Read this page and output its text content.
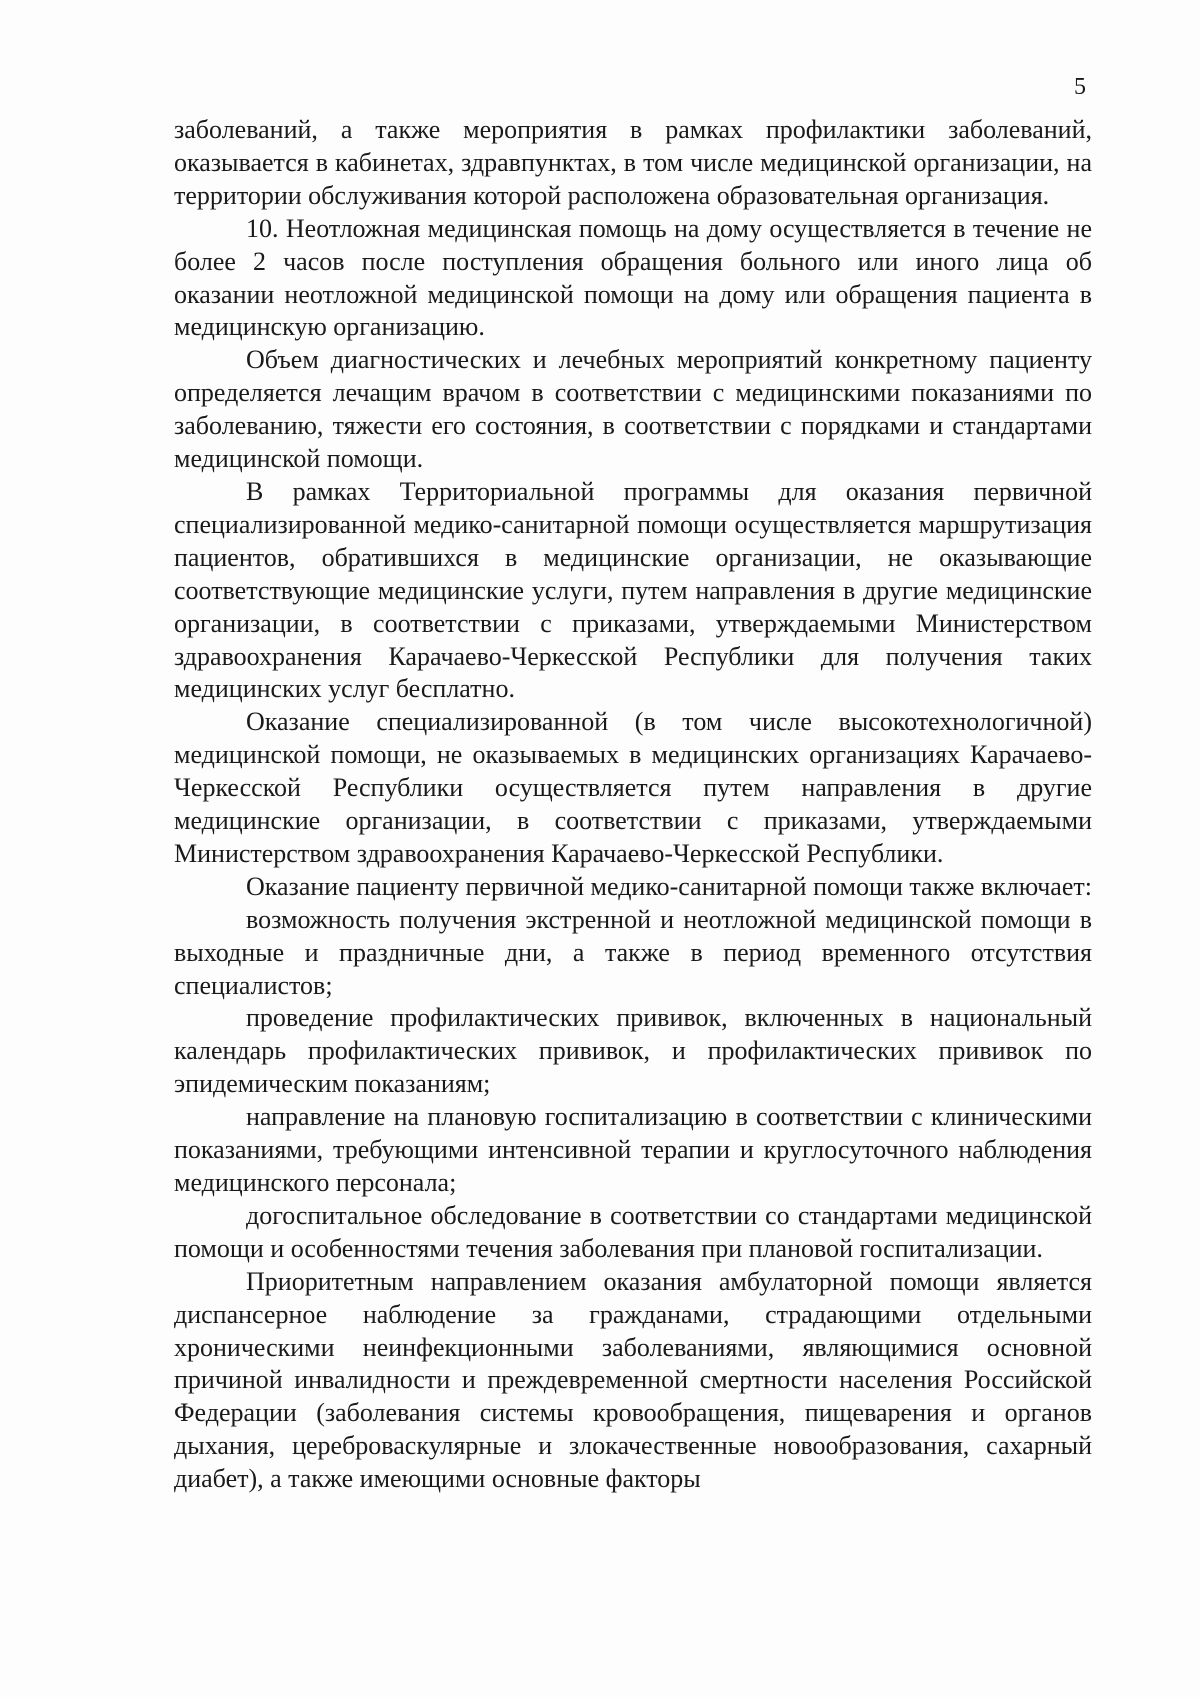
5

заболеваний, а также мероприятия в рамках профилактики заболеваний, оказывается в кабинетах, здравпунктах, в том числе медицинской организации, на территории обслуживания которой расположена образовательная организация.

10. Неотложная медицинская помощь на дому осуществляется в течение не более 2 часов после поступления обращения больного или иного лица об оказании неотложной медицинской помощи на дому или обращения пациента в медицинскую организацию.

Объем диагностических и лечебных мероприятий конкретному пациенту определяется лечащим врачом в соответствии с медицинскими показаниями по заболеванию, тяжести его состояния, в соответствии с порядками и стандартами медицинской помощи.

В рамках Территориальной программы для оказания первичной специализированной медико-санитарной помощи осуществляется маршрутизация пациентов, обратившихся в медицинские организации, не оказывающие соответствующие медицинские услуги, путем направления в другие медицинские организации, в соответствии с приказами, утверждаемыми Министерством здравоохранения Карачаево-Черкесской Республики для получения таких медицинских услуг бесплатно.

Оказание специализированной (в том числе высокотехнологичной) медицинской помощи, не оказываемых в медицинских организациях Карачаево-Черкесской Республики осуществляется путем направления в другие медицинские организации, в соответствии с приказами, утверждаемыми Министерством здравоохранения Карачаево-Черкесской Республики.

Оказание пациенту первичной медико-санитарной помощи также включает:

возможность получения экстренной и неотложной медицинской помощи в выходные и праздничные дни, а также в период временного отсутствия специалистов;

проведение профилактических прививок, включенных в национальный календарь профилактических прививок, и профилактических прививок по эпидемическим показаниям;

направление на плановую госпитализацию в соответствии с клиническими показаниями, требующими интенсивной терапии и круглосуточного наблюдения медицинского персонала;

догоспитальное обследование в соответствии со стандартами медицинской помощи и особенностями течения заболевания при плановой госпитализации.

Приоритетным направлением оказания амбулаторной помощи является диспансерное наблюдение за гражданами, страдающими отдельными хроническими неинфекционными заболеваниями, являющимися основной причиной инвалидности и преждевременной смертности населения Российской Федерации (заболевания системы кровообращения, пищеварения и органов дыхания, цереброваскулярные и злокачественные новообразования, сахарный диабет), а также имеющими основные факторы
